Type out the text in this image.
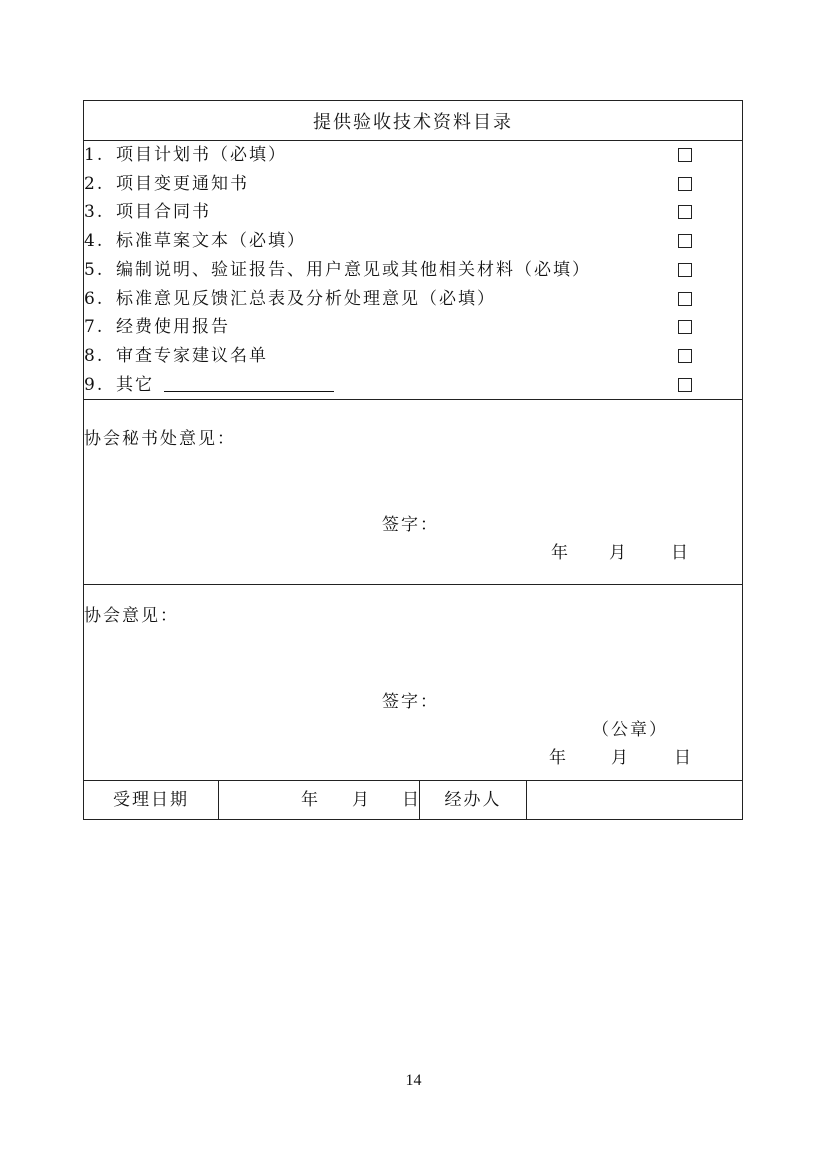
提供验收技术资料目录
1. 项目计划书（必填）
2. 项目变更通知书
3. 项目合同书
4. 标准草案文本（必填）
5. 编制说明、验证报告、用户意见或其他相关材料（必填）
6. 标准意见反馈汇总表及分析处理意见（必填）
7. 经费使用报告
8. 审查专家建议名单
9. 其它
协会秘书处意见：
签字：
年 月	日
协会意见：
签字：
（公章）
年	月	日
受理日期	年 月 日	经办人
14
